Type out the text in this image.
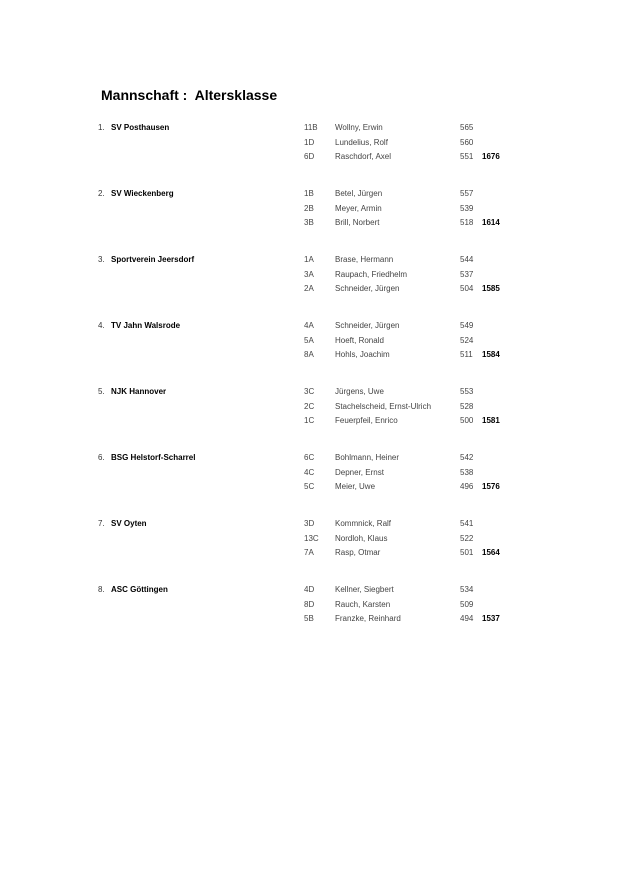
Mannschaft :  Altersklasse
1. SV Posthausen	11B Wollny, Erwin	565
1D	Lundelius, Rolf	560
6D	Raschdorf, Axel	551 1676
2. SV Wieckenberg	1B	Betel, Jürgen	557
2B	Meyer, Armin	539
3B	Brill, Norbert	518 1614
3. Sportverein Jeersdorf	1A	Brase, Hermann	544
3A	Raupach, Friedhelm	537
2A	Schneider, Jürgen	504 1585
4. TV Jahn Walsrode	4A	Schneider, Jürgen	549
5A	Hoeft, Ronald	524
8A	Hohls, Joachim	511 1584
5. NJK Hannover	3C	Jürgens, Uwe	553
2C	Stachelscheid, Ernst-Ulrich	528
1C	Feuerpfeil, Enrico	500 1581
6. BSG Helstorf-Scharrel	6C	Bohlmann, Heiner	542
4C	Depner, Ernst	538
5C	Meier, Uwe	496 1576
7. SV Oyten	3D	Kommnick, Ralf	541
13C Nordloh, Klaus	522
7A	Rasp, Otmar	501 1564
8. ASC Göttingen	4D	Kellner, Siegbert	534
8D	Rauch, Karsten	509
5B	Franzke, Reinhard	494 1537
